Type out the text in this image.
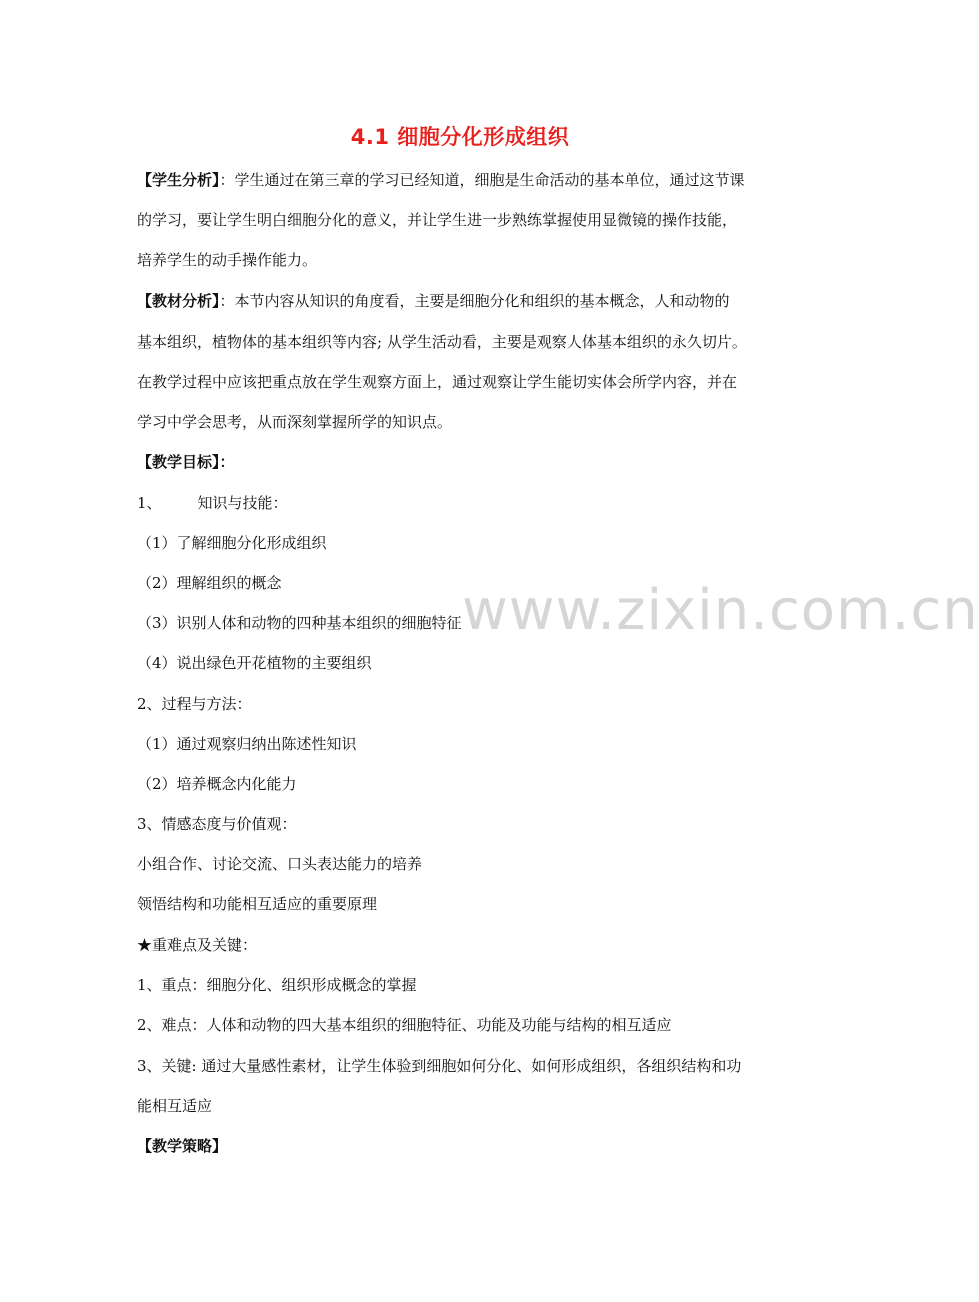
www.zixin.com.cn
4.1 细胞分化形成组织
【学生分析】：学生通过在第三章的学习已经知道，细胞是生命活动的基本单位，通过这节课
的学习，要让学生明白细胞分化的意义，并让学生进一步熟练掌握使用显微镜的操作技能，
培养学生的动手操作能力。
【教材分析】：本节内容从知识的角度看，主要是细胞分化和组织的基本概念，人和动物的
基本组织，植物体的基本组织等内容; 从学生活动看，主要是观察人体基本组织的永久切片。
在教学过程中应该把重点放在学生观察方面上，通过观察让学生能切实体会所学内容，并在
学习中学会思考，从而深刻掌握所学的知识点。
【教学目标】：
1、 知识与技能：
（1）了解细胞分化形成组织
（2）理解组织的概念
（3）识别人体和动物的四种基本组织的细胞特征
（4）说出绿色开花植物的主要组织
2、过程与方法：
（1）通过观察归纳出陈述性知识
（2）培养概念内化能力
3、情感态度与价值观：
小组合作、讨论交流、口头表达能力的培养
领悟结构和功能相互适应的重要原理
★重难点及关键：
1、重点：细胞分化、组织形成概念的掌握
2、难点：人体和动物的四大基本组织的细胞特征、功能及功能与结构的相互适应
3、关键: 通过大量感性素材，让学生体验到细胞如何分化、如何形成组织，各组织结构和功
能相互适应
【教学策略】
